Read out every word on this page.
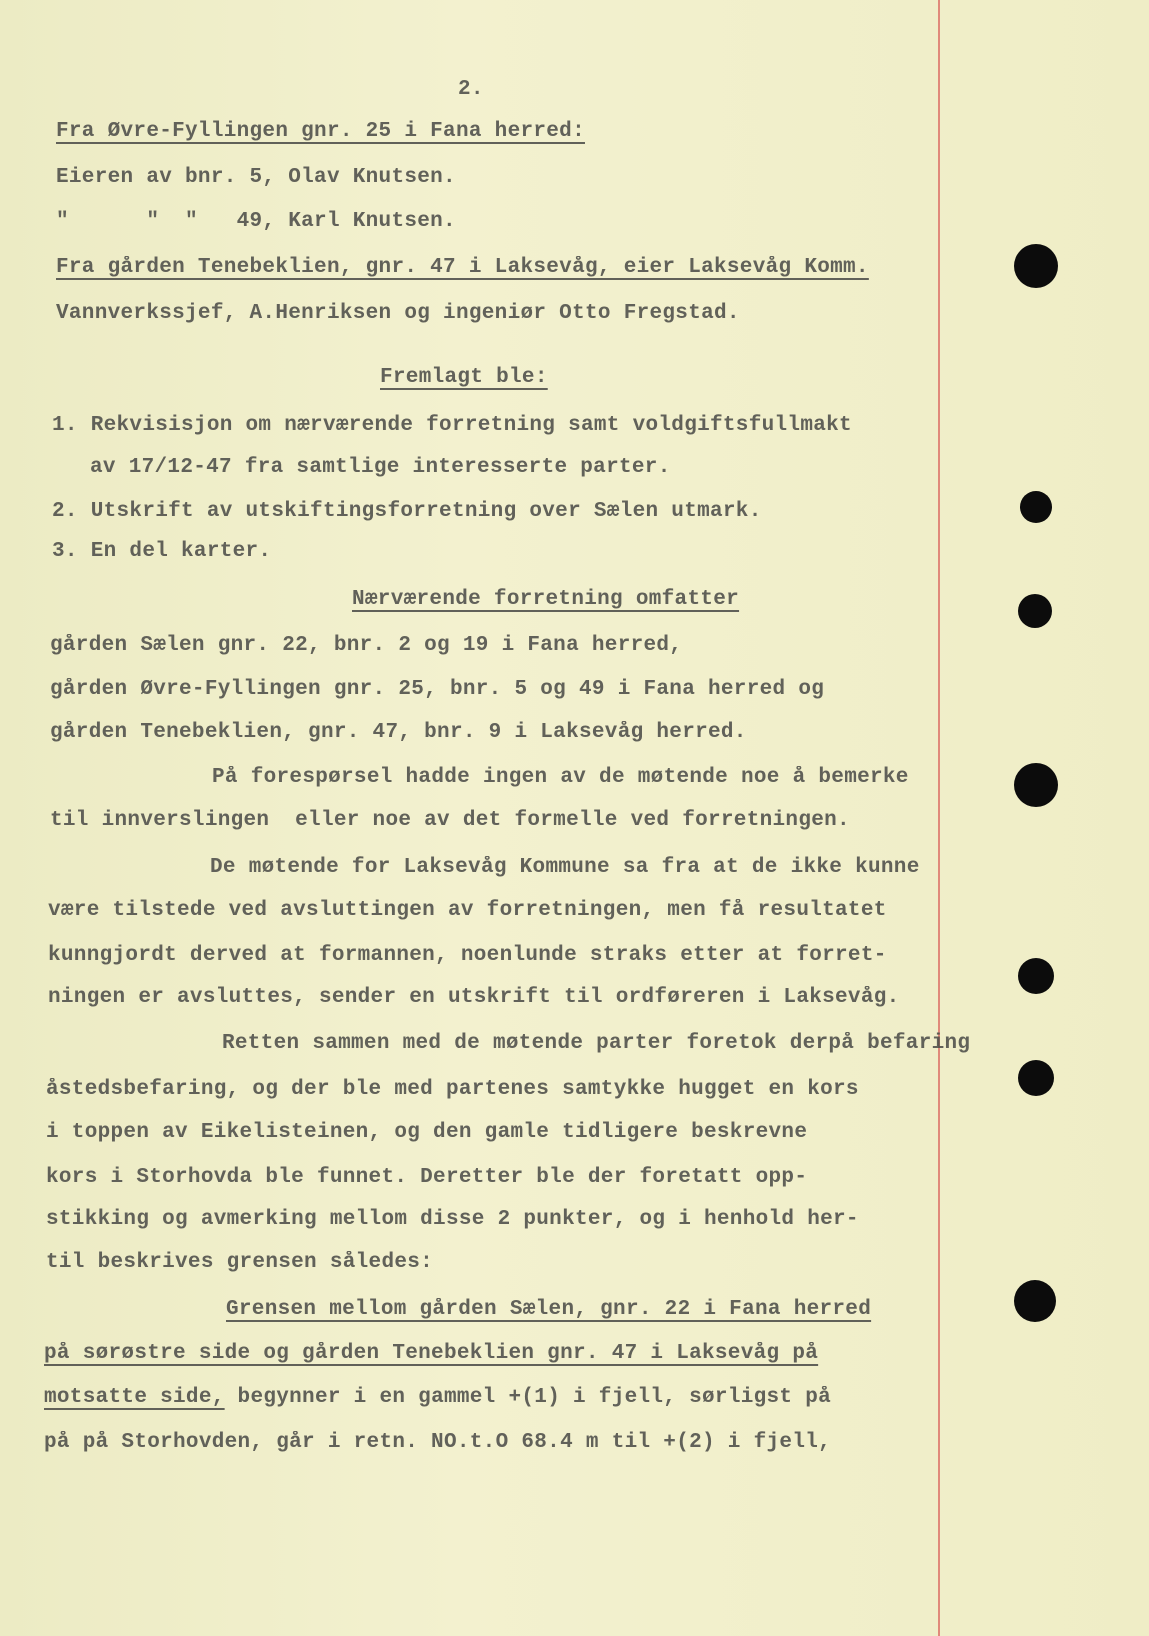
2.
Fra Øvre-Fyllingen gnr. 25 i Fana herred:
Eieren av bnr. 5, Olav Knutsen.
"      "  "   49, Karl Knutsen.
Fra gården Tenebeklien, gnr. 47 i Laksevåg, eier Laksevåg Komm.
Vannverkssjef, A.Henriksen og ingeniør Otto Fregstad.
Fremlagt ble:
1. Rekvisisjon om nærværende forretning samt voldgiftsfullmakt
av 17/12-47 fra samtlige interesserte parter.
2. Utskrift av utskiftingsforretning over Sælen utmark.
3. En del karter.
Nærværende forretning omfatter
gården Sælen gnr. 22, bnr. 2 og 19 i Fana herred,
gården Øvre-Fyllingen gnr. 25, bnr. 5 og 49 i Fana herred og
gården Tenebeklien, gnr. 47, bnr. 9 i Laksevåg herred.
På forespørsel hadde ingen av de møtende noe å bemerke
til innverslingen  eller noe av det formelle ved forretningen.
De møtende for Laksevåg Kommune sa fra at de ikke kunne
være tilstede ved avsluttingen av forretningen, men få resultatet
kunngjordt derved at formannen, noenlunde straks etter at forret-
ningen er avsluttes, sender en utskrift til ordføreren i Laksevåg.
Retten sammen med de møtende parter foretok derpå befaring
åstedsbefaring, og der ble med partenes samtykke hugget en kors
i toppen av Eikelisteinen, og den gamle tidligere beskrevne
kors i Storhovda ble funnet. Deretter ble der foretatt opp-
stikking og avmerking mellom disse 2 punkter, og i henhold her-
til beskrives grensen således:
Grensen mellom gården Sælen, gnr. 22 i Fana herred
på sørøstre side og gården Tenebeklien gnr. 47 i Laksevåg på
motsatte side, begynner i en gammel +(1) i fjell, sørligst på
på på Storhovden, går i retn. NO.t.O 68.4 m til +(2) i fjell,
